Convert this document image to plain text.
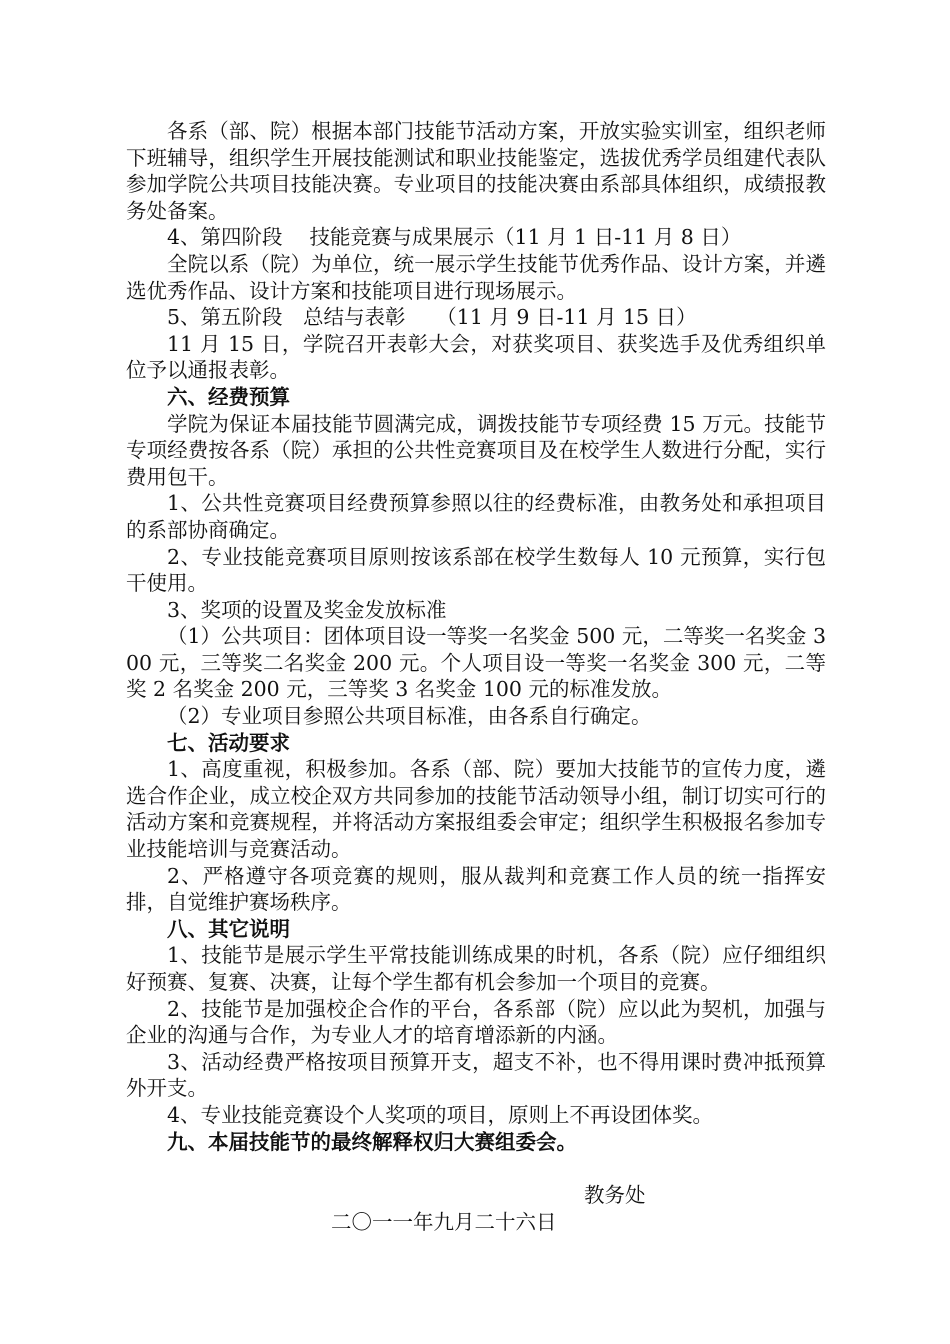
各系（部、院）根据本部门技能节活动方案，开放实验实训室，组织老师下班辅导，组织学生开展技能测试和职业技能鉴定，选拔优秀学员组建代表队参加学院公共项目技能决赛。专业项目的技能决赛由系部具体组织，成绩报教务处备案。

4、第四阶段　 技能竞赛与成果展示（11 月 1 日-11 月 8 日）

全院以系（院）为单位，统一展示学生技能节优秀作品、设计方案，并遴选优秀作品、设计方案和技能项目进行现场展示。

5、第五阶段　总结与表彰　　（11 月 9 日-11 月 15 日）

11 月 15 日，学院召开表彰大会，对获奖项目、获奖选手及优秀组织单位予以通报表彰。

六、经费预算

学院为保证本届技能节圆满完成，调拨技能节专项经费 15 万元。技能节专项经费按各系（院）承担的公共性竞赛项目及在校学生人数进行分配，实行费用包干。

1、公共性竞赛项目经费预算参照以往的经费标准，由教务处和承担项目的系部协商确定。

2、专业技能竞赛项目原则按该系部在校学生数每人 10 元预算，实行包干使用。

3、奖项的设置及奖金发放标准

（1）公共项目：团体项目设一等奖一名奖金 500 元，二等奖一名奖金 300 元，三等奖二名奖金 200 元。个人项目设一等奖一名奖金 300 元，二等奖 2 名奖金 200 元，三等奖 3 名奖金 100 元的标准发放。

（2）专业项目参照公共项目标准，由各系自行确定。

七、活动要求

1、高度重视，积极参加。各系（部、院）要加大技能节的宣传力度，遴选合作企业，成立校企双方共同参加的技能节活动领导小组，制订切实可行的活动方案和竞赛规程，并将活动方案报组委会审定；组织学生积极报名参加专业技能培训与竞赛活动。

2、严格遵守各项竞赛的规则，服从裁判和竞赛工作人员的统一指挥安排，自觉维护赛场秩序。

八、其它说明

1、技能节是展示学生平常技能训练成果的时机，各系（院）应仔细组织好预赛、复赛、决赛，让每个学生都有机会参加一个项目的竞赛。

2、技能节是加强校企合作的平台，各系部（院）应以此为契机，加强与企业的沟通与合作，为专业人才的培育增添新的内涵。

3、活动经费严格按项目预算开支，超支不补，也不得用课时费冲抵预算外开支。

4、专业技能竞赛设个人奖项的项目，原则上不再设团体奖。

九、本届技能节的最终解释权归大赛组委会。

教务处

二〇一一年九月二十六日
